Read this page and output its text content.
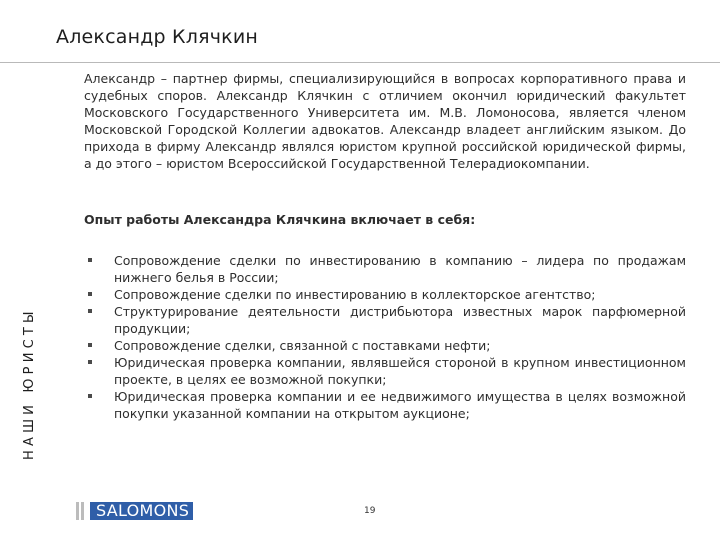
Александр Клячкин
НАШИ ЮРИСТЫ

Александр – партнер фирмы, специализирующийся в вопросах корпоративного права и судебных споров. Александр Клячкин с отличием окончил юридический факультет Московского Государственного Университета им. М.В. Ломоносова, является членом Московской Городской Коллегии адвокатов. Александр владеет английским языком. До прихода в фирму Александр являлся юристом крупной российской юридической фирмы, а до этого – юристом Всероссийской Государственной Телерадиокомпании.

Опыт работы Александра Клячкина включает в себя:
Сопровождение сделки по инвестированию в компанию – лидера по продажам нижнего белья в России;
Сопровождение сделки по инвестированию в коллекторское агентство;
Структурирование деятельности дистрибьютора известных марок парфюмерной продукции;
Сопровождение сделки, связанной с поставками нефти;
Юридическая проверка компании, являвшейся стороной в крупном инвестиционном проекте, в целях ее возможной покупки;
Юридическая проверка компании и ее недвижимого имущества в целях возможной покупки указанной компании на открытом аукционе;
SALOMONS	19
